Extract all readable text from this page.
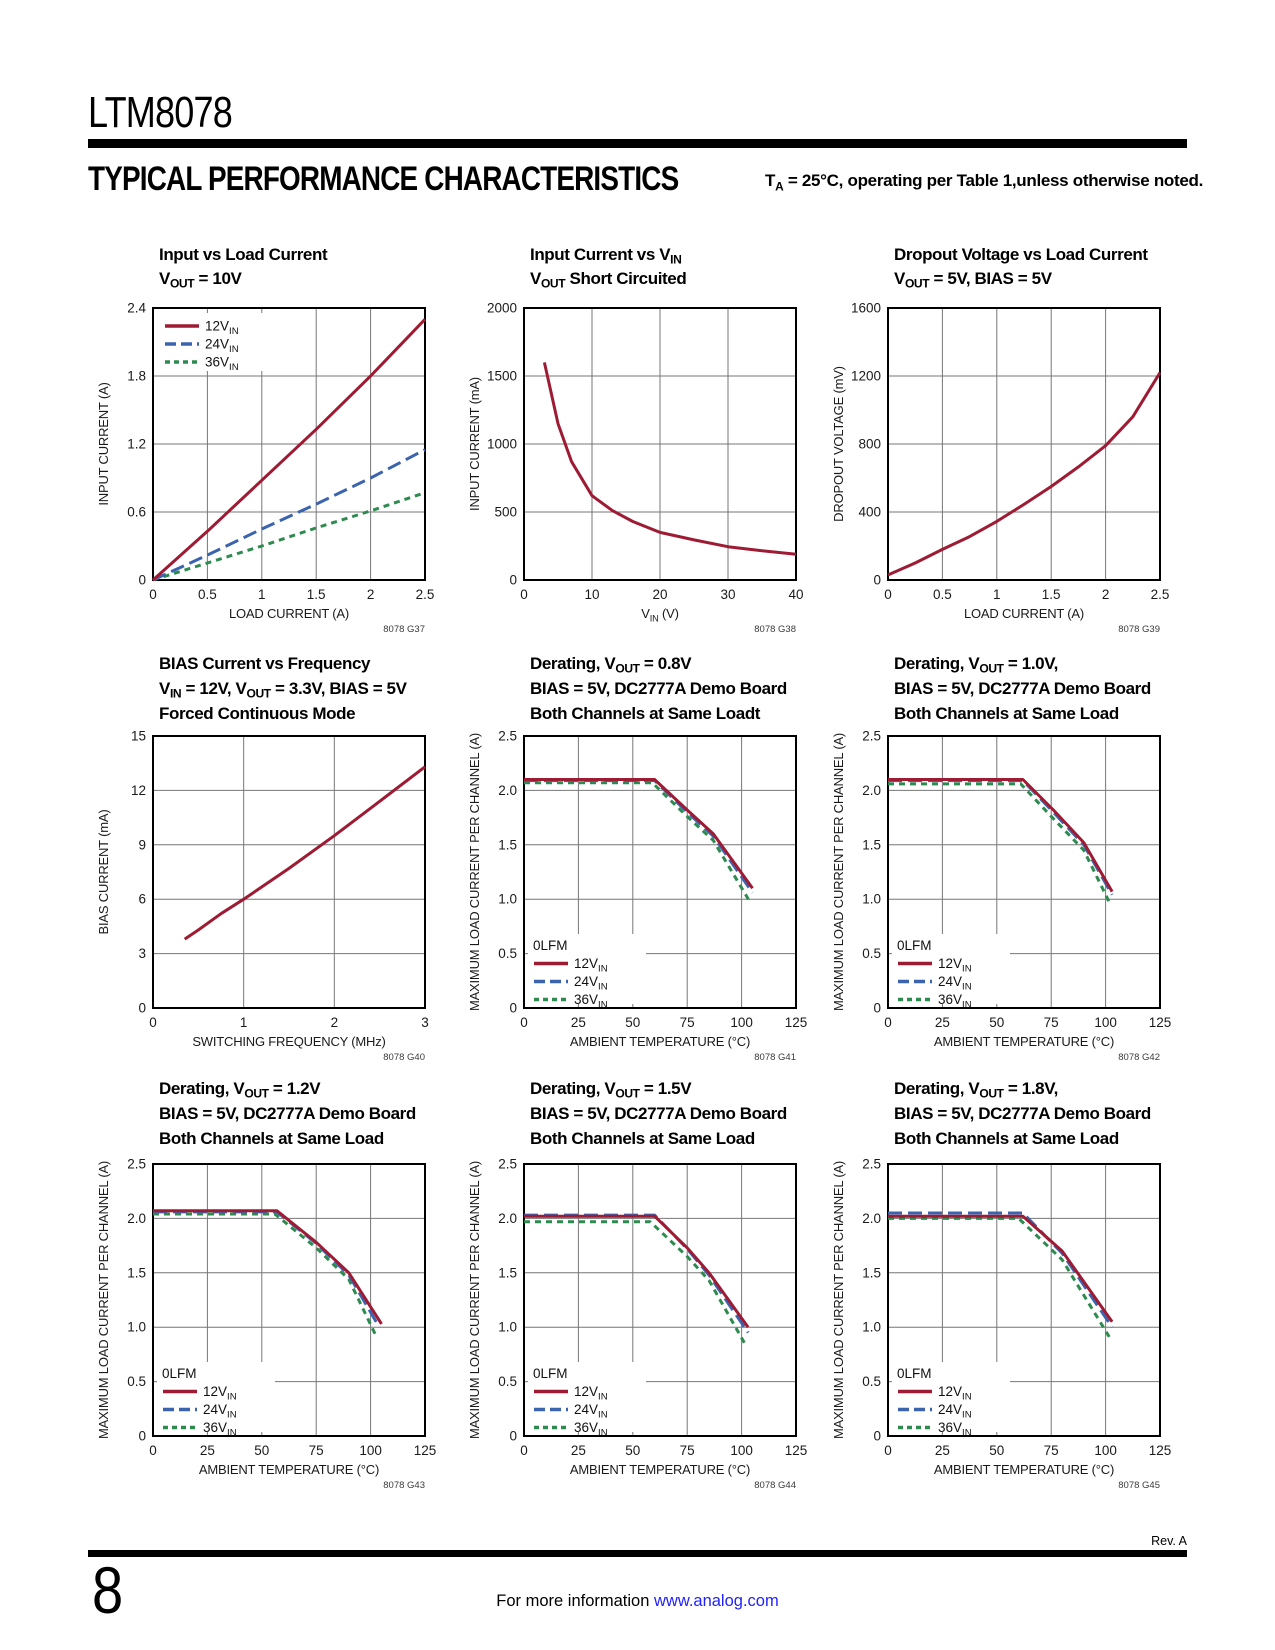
LTM8078
TYPICAL PERFORMANCE CHARACTERISTICS	$T_A = 25^\circ C$, operating per Table 1,unless otherwise noted.
Input vs Load Current
$V_{OUT} = 10V$
0	0.5	1	1.5	2	2.5
0
0.6
1.2
1.8
2.4
LOAD CURRENT (A)
INPUT CURRENT (A)
$12V_{IN}$
$24V_{IN}$
$36V_{IN}$
8078 G37
Input Current vs $V_{IN}$
$V_{OUT}$ Short Circuited
0	10	20	30	40
0
500
1000
1500
2000
$V_{IN}$ (V)
INPUT CURRENT (mA)
8078 G38
Dropout Voltage vs Load Current
$V_{OUT} = 5V$, BIAS = 5V
0	0.5	1	1.5	2	2.5
0
400
800
1200
1600
LOAD CURRENT (A)
DROPOUT VOLTAGE (mV)
8078 G39
BIAS Current vs Frequency
$V_{IN} = 12V$, $V_{OUT} = 3.3V$, BIAS = 5V
Forced Continuous Mode
0	1	2	3
0
3
6
9
12
15
SWITCHING FREQUENCY (MHz)
BIAS CURRENT (mA)
8078 G40
Derating, $V_{OUT} = 0.8V$
BIAS = 5V, DC2777A Demo Board
Both Channels at Same Loadt
0	25	50	75	100 125
0
0.5
1.0
1.5
2.0
2.5
AMBIENT TEMPERATURE (°C)
MAXIMUM LOAD CURRENT PER CHANNEL (A)	0LFM
$12V_{IN}$
$24V_{IN}$
$36V_{IN}$
8078 G41
Derating, $V_{OUT} = 1.0V$,
BIAS = 5V, DC2777A Demo Board
Both Channels at Same Load
0	25	50	75	100 125
0
0.5
1.0
1.5
2.0
2.5
AMBIENT TEMPERATURE (°C)
MAXIMUM LOAD CURRENT PER CHANNEL (A)	0LFM
$12V_{IN}$
$24V_{IN}$
$36V_{IN}$
8078 G42
Derating, $V_{OUT} = 1.2V$
BIAS = 5V, DC2777A Demo Board
Both Channels at Same Load
0	25	50	75	100 125
0
0.5
1.0
1.5
2.0
2.5
AMBIENT TEMPERATURE (°C)
MAXIMUM LOAD CURRENT PER CHANNEL (A)	0LFM
$12V_{IN}$
$24V_{IN}$
$36V_{IN}$
8078 G43
Derating, $V_{OUT} = 1.5V$
BIAS = 5V, DC2777A Demo Board
Both Channels at Same Load
0	25	50	75	100 125
0
0.5
1.0
1.5
2.0
2.5
AMBIENT TEMPERATURE (°C)
MAXIMUM LOAD CURRENT PER CHANNEL (A)	0LFM
$12V_{IN}$
$24V_{IN}$
$36V_{IN}$
8078 G44
Derating, $V_{OUT} = 1.8V$,
BIAS = 5V, DC2777A Demo Board
Both Channels at Same Load
0	25	50	75	100 125
0
0.5
1.0
1.5
2.0
2.5
AMBIENT TEMPERATURE (°C)
MAXIMUM LOAD CURRENT PER CHANNEL (A)	0LFM
$12V_{IN}$
$24V_{IN}$
$36V_{IN}$
8078 G45
Rev. A
8	For more information www.analog.com
